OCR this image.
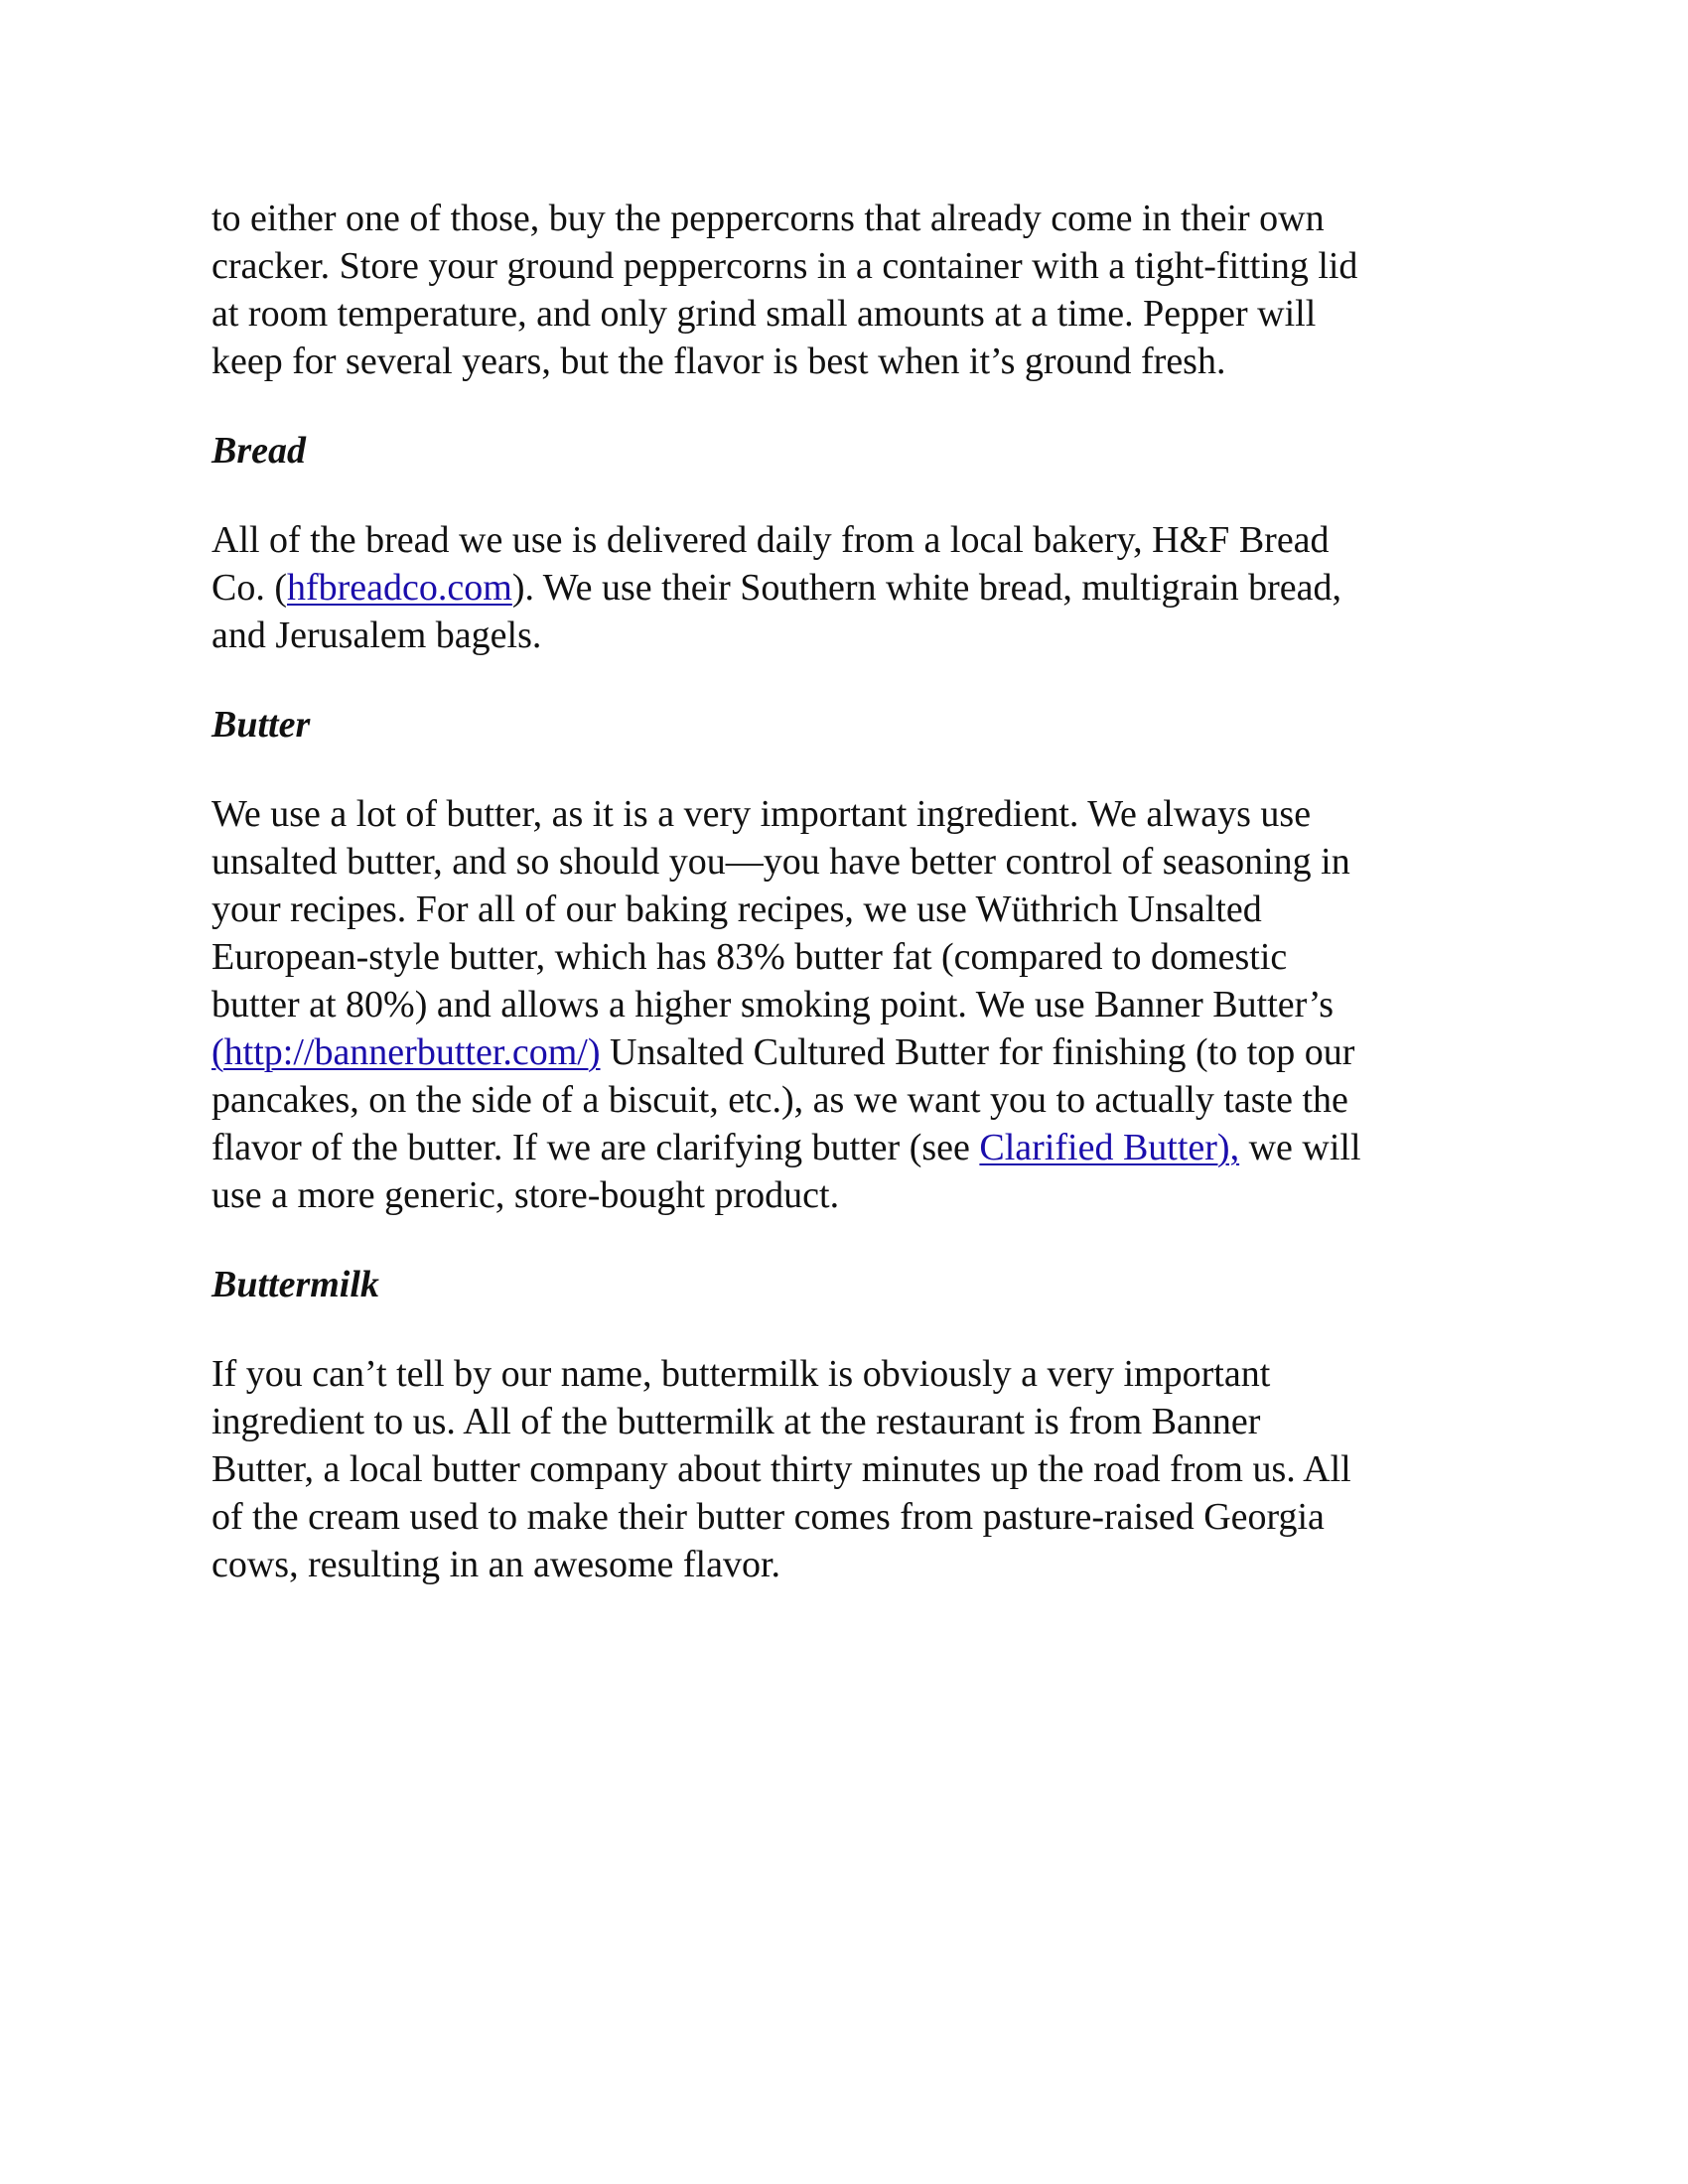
to either one of those, buy the peppercorns that already come in their own

cracker. Store your ground peppercorns in a container with a tight-fitting lid

at room temperature, and only grind small amounts at a time. Pepper will

keep for several years, but the flavor is best when it’s ground fresh.

Bread

All of the bread we use is delivered daily from a local bakery, H&F Bread

Co. (hfbreadco.com). We use their Southern white bread, multigrain bread,

and Jerusalem bagels.

Butter

We use a lot of butter, as it is a very important ingredient. We always use

unsalted butter, and so should you—you have better control of seasoning in

your recipes. For all of our baking recipes, we use Wüthrich Unsalted

European-style butter, which has 83% butter fat (compared to domestic

butter at 80%) and allows a higher smoking point. We use Banner Butter’s

(http://bannerbutter.com/) Unsalted Cultured Butter for finishing (to top our

pancakes, on the side of a biscuit, etc.), as we want you to actually taste the

flavor of the butter. If we are clarifying butter (see Clarified Butter), we will

use a more generic, store-bought product.

Buttermilk

If you can’t tell by our name, buttermilk is obviously a very important

ingredient to us. All of the buttermilk at the restaurant is from Banner

Butter, a local butter company about thirty minutes up the road from us. All

of the cream used to make their butter comes from pasture-raised Georgia

cows, resulting in an awesome flavor.
